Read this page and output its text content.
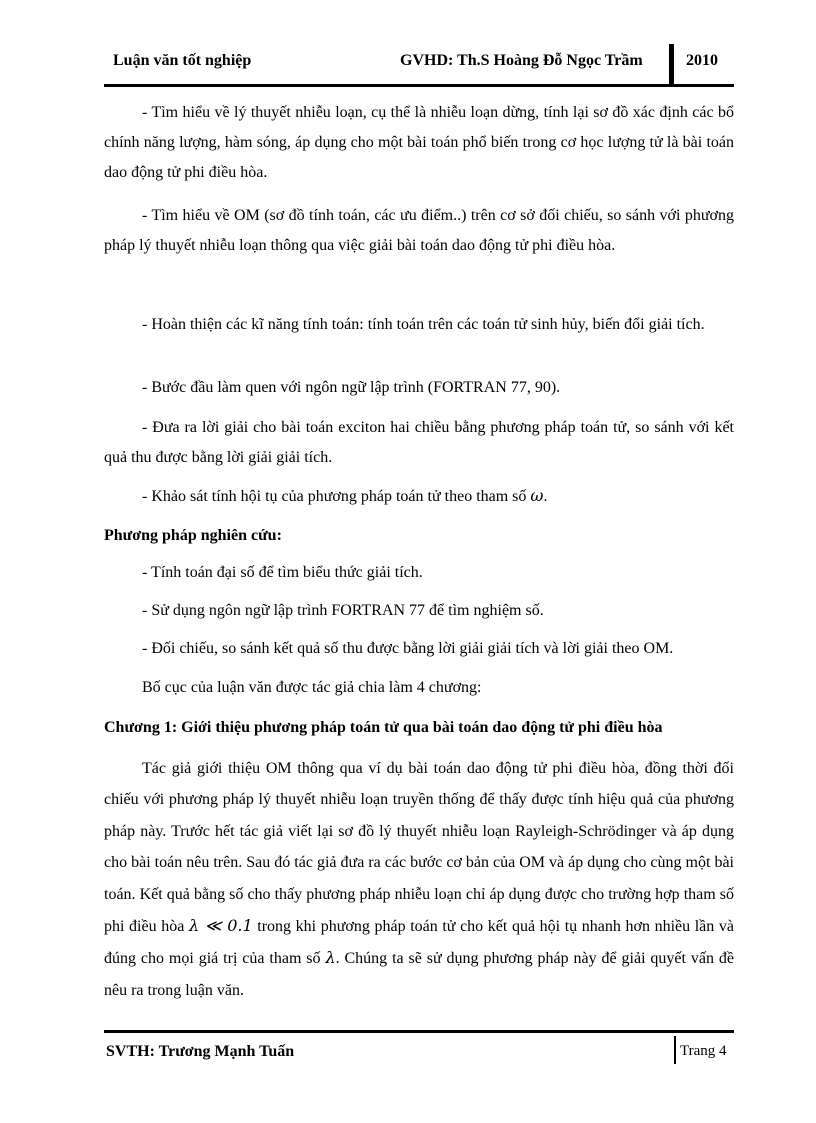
Luận văn tốt nghiệp	GVHD: Th.S Hoàng Đỗ Ngọc Trầm	2010
- Tìm hiểu về lý thuyết nhiễu loạn, cụ thể là nhiễu loạn dừng, tính lại sơ đồ xác định các bổ chính năng lượng, hàm sóng, áp dụng cho một bài toán phổ biến trong cơ học lượng tử là bài toán dao động tử phi điều hòa.
- Tìm hiểu về OM (sơ đồ tính toán, các ưu điểm..) trên cơ sở đối chiếu, so sánh với phương pháp lý thuyết nhiễu loạn thông qua việc giải bài toán dao động tử phi điều hòa.
- Hoàn thiện các kĩ năng tính toán: tính toán trên các toán tử sinh hủy, biến đổi giải tích.
- Bước đầu làm quen với ngôn ngữ lập trình (FORTRAN 77, 90).
- Đưa ra lời giải cho bài toán exciton hai chiều bằng phương pháp toán tử, so sánh với kết quả thu được bằng lời giải giải tích.
- Khảo sát tính hội tụ của phương pháp toán tử theo tham số ω.
Phương pháp nghiên cứu:
- Tính toán đại số để tìm biểu thức giải tích.
- Sử dụng ngôn ngữ lập trình FORTRAN 77 để tìm nghiệm số.
- Đối chiếu, so sánh kết quả số thu được bằng lời giải giải tích và lời giải theo OM.
Bố cục của luận văn được tác giả chia làm 4 chương:
Chương 1: Giới thiệu phương pháp toán tử qua bài toán dao động tử phi điều hòa
Tác giả giới thiệu OM thông qua ví dụ bài toán dao động tử phi điều hòa, đồng thời đối chiếu với phương pháp lý thuyết nhiễu loạn truyền thống để thấy được tính hiệu quả của phương pháp này. Trước hết tác giả viết lại sơ đồ lý thuyết nhiễu loạn Rayleigh-Schrödinger và áp dụng cho bài toán nêu trên. Sau đó tác giả đưa ra các bước cơ bản của OM và áp dụng cho cùng một bài toán. Kết quả bằng số cho thấy phương pháp nhiễu loạn chỉ áp dụng được cho trường hợp tham số phi điều hòa λ ≪ 0.1 trong khi phương pháp toán tử cho kết quả hội tụ nhanh hơn nhiều lần và đúng cho mọi giá trị của tham số λ. Chúng ta sẽ sử dụng phương pháp này để giải quyết vấn đề nêu ra trong luận văn.
SVTH: Trương Mạnh Tuấn	Trang 4
